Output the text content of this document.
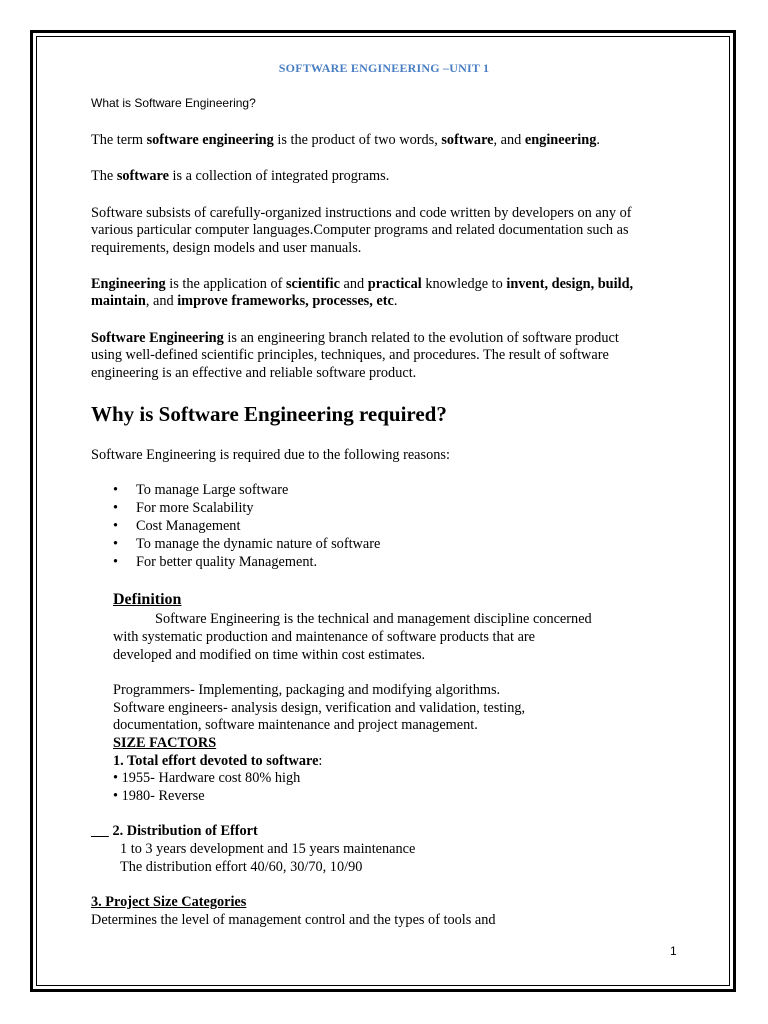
SOFTWARE ENGINEERING –UNIT 1
What is Software Engineering?
The term software engineering is the product of two words, software, and engineering.
The software is a collection of integrated programs.
Software subsists of carefully-organized instructions and code written by developers on any of
various particular computer languages.Computer programs and related documentation such as
requirements, design models and user manuals.
Engineering is the application of scientific and practical knowledge to invent, design, build,
maintain, and improve frameworks, processes, etc.
Software Engineering is an engineering branch related to the evolution of software product
using well-defined scientific principles, techniques, and procedures. The result of software
engineering is an effective and reliable software product.
Why is Software Engineering required?
Software Engineering is required due to the following reasons:
• To manage Large software
• For more Scalability
• Cost Management
• To manage the dynamic nature of software
• For better quality Management.
Definition
Software Engineering is the technical and management discipline concerned
with systematic production and maintenance of software products that are
developed and modified on time within cost estimates.
Programmers- Implementing, packaging and modifying algorithms.
Software engineers- analysis design, verification and validation, testing,
documentation, software maintenance and project management.
SIZE FACTORS
1. Total effort devoted to software:
• 1955- Hardware cost 80% high
• 1980- Reverse
2. Distribution of Effort
1 to 3 years development and 15 years maintenance
The distribution effort 40/60, 30/70, 10/90
3. Project Size Categories
Determines the level of management control and the types of tools and
1
